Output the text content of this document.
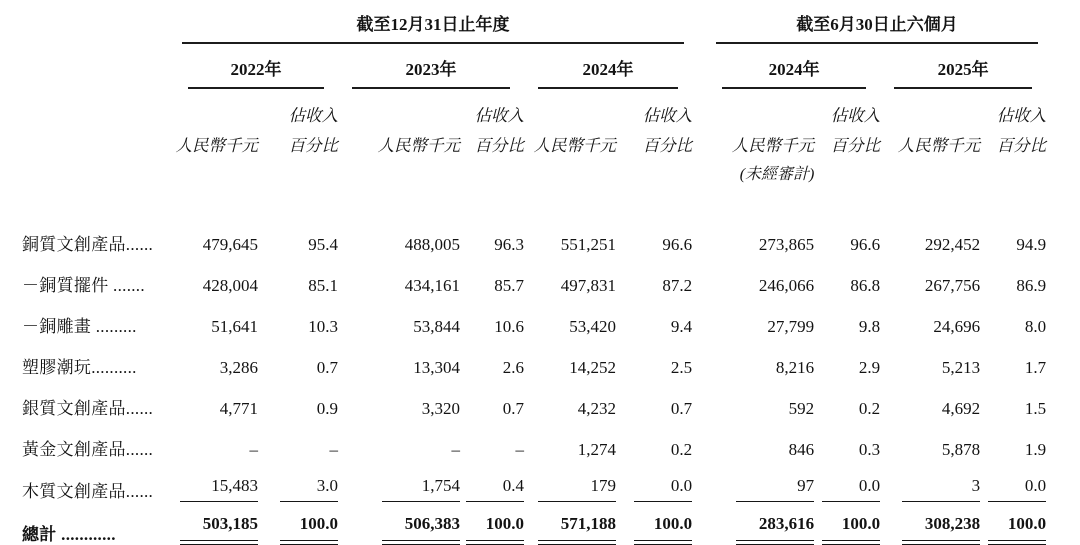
	截至12月31日止年度							截至6月30日止六個月			

	2022年		2023年		2024年			2024年		2025年	

		佔收入		佔收入		佔收入			佔收入		佔收入
	人民幣千元	百分比	人民幣千元	百分比	人民幣千元	百分比		人民幣千元	百分比	人民幣千元	百分比
								(未經審計)			

銅質文創產品......	479,645	95.4	488,005	96.3	551,251	96.6		273,865	96.6	292,452	94.9
－銅質擺件 .......	428,004	85.1	434,161	85.7	497,831	87.2		246,066	86.8	267,756	86.9
－銅雕畫 .........	51,641	10.3	53,844	10.6	53,420	9.4		27,799	9.8	24,696	8.0
塑膠潮玩..........	3,286	0.7	13,304	2.6	14,252	2.5		8,216	2.9	5,213	1.7
銀質文創產品......	4,771	0.9	3,320	0.7	4,232	0.7		592	0.2	4,692	1.5
黃金文創產品......	–	–	–	–	1,274	0.2		846	0.3	5,878	1.9
木質文創產品......	15,483	3.0	1,754	0.4	179	0.0		97	0.0	3	0.0
總計 ............	503,185	100.0	506,383	100.0	571,188	100.0		283,616	100.0	308,238	100.0
